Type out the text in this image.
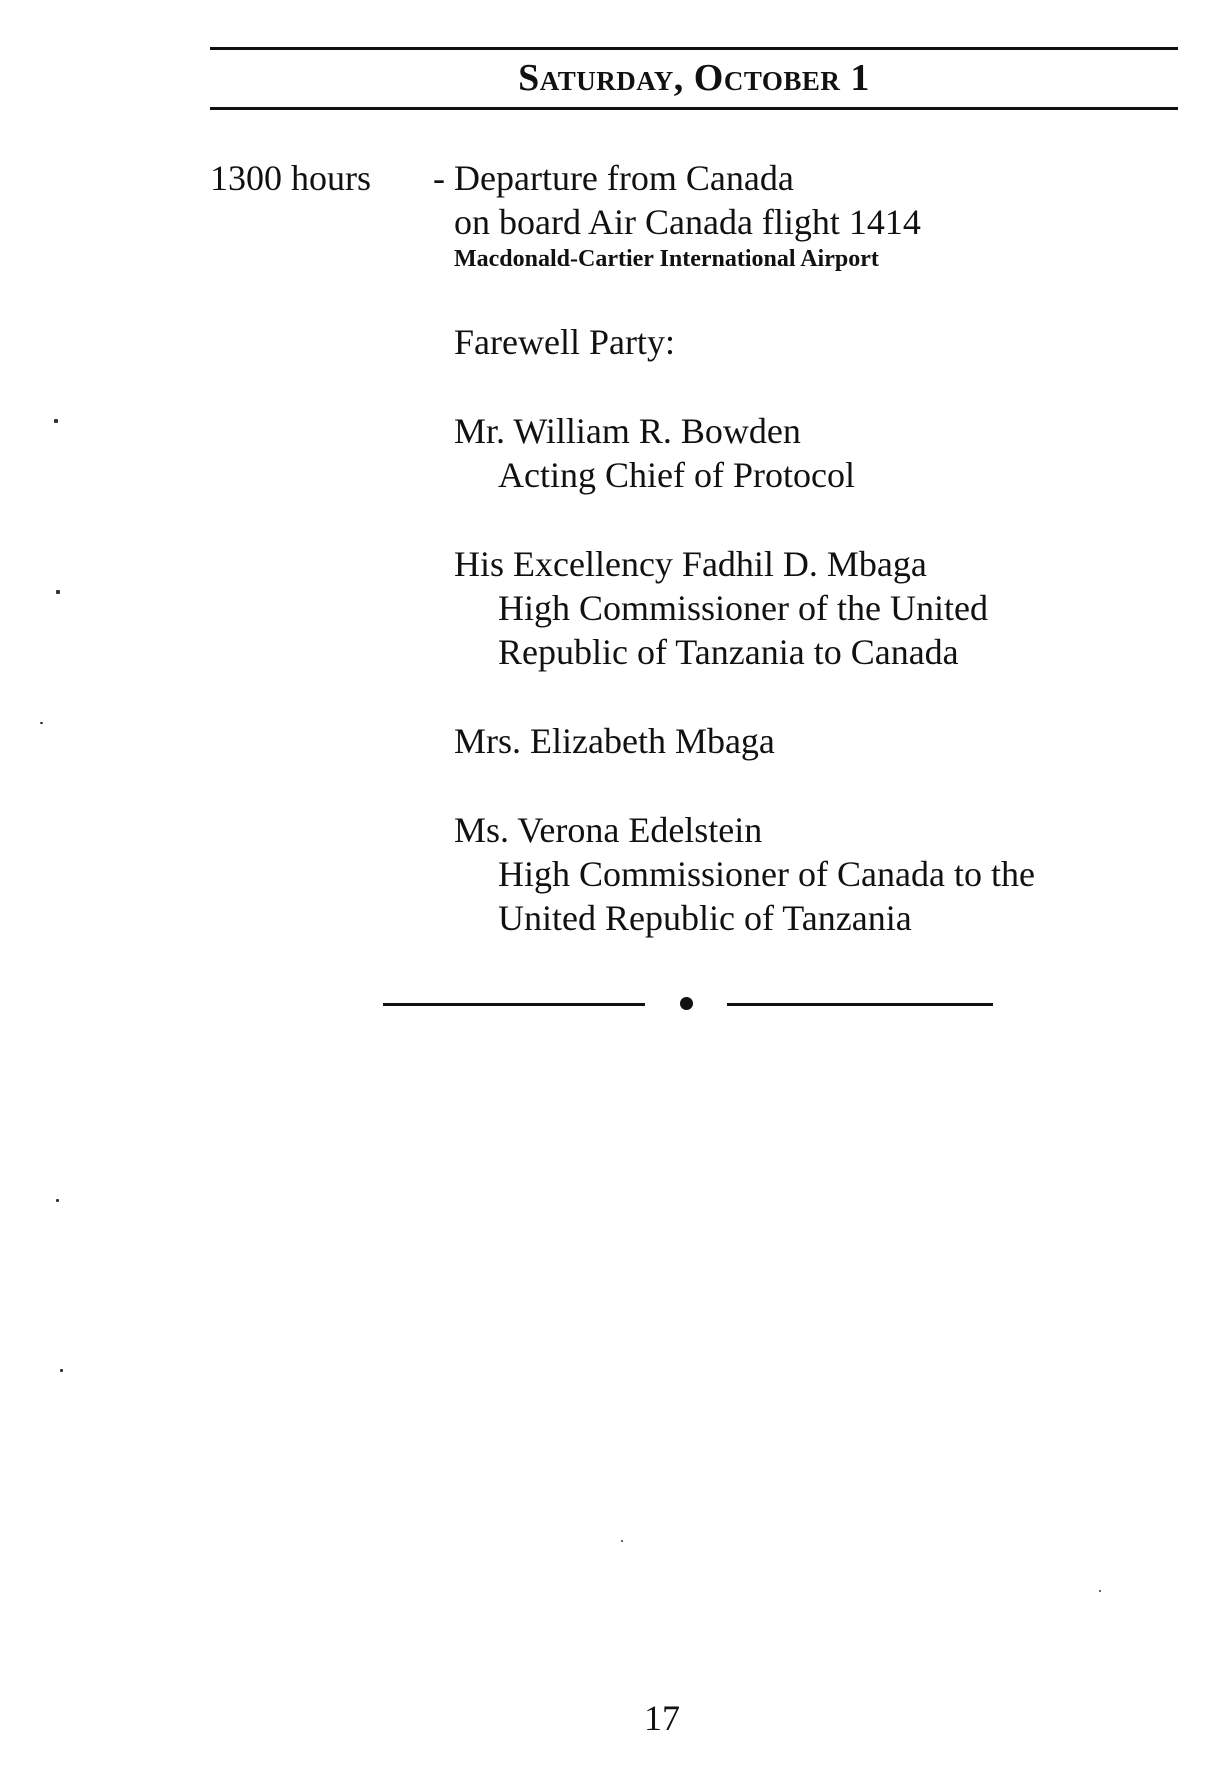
Saturday, October 1
1300 hours - Departure from Canada
on board Air Canada flight 1414
Macdonald-Cartier International Airport
Farewell Party:
Mr. William R. Bowden
Acting Chief of Protocol
His Excellency Fadhil D. Mbaga
High Commissioner of the United
Republic of Tanzania to Canada
Mrs. Elizabeth Mbaga
Ms. Verona Edelstein
High Commissioner of Canada to the
United Republic of Tanzania
17
